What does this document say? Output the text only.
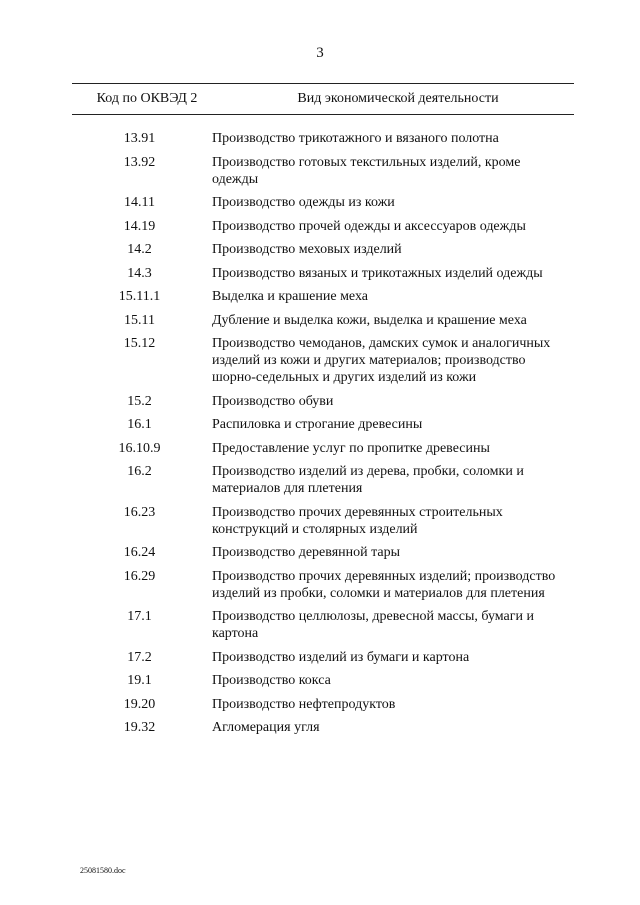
3
Код по ОКВЭД 2	Вид экономической деятельности
13.91	Производство трикотажного и вязаного полотна
13.92	Производство готовых текстильных изделий, кроме одежды
14.11	Производство одежды из кожи
14.19	Производство прочей одежды и аксессуаров одежды
14.2	Производство меховых изделий
14.3	Производство вязаных и трикотажных изделий одежды
15.11.1	Выделка и крашение меха
15.11	Дубление и выделка кожи, выделка и крашение меха
15.12	Производство чемоданов, дамских сумок и аналогичных изделий из кожи и других материалов; производство шорно-седельных и других изделий из кожи
15.2	Производство обуви
16.1	Распиловка и строгание древесины
16.10.9	Предоставление услуг по пропитке древесины
16.2	Производство изделий из дерева, пробки, соломки и материалов для плетения
16.23	Производство прочих деревянных строительных конструкций и столярных изделий
16.24	Производство деревянной тары
16.29	Производство прочих деревянных изделий; производство изделий из пробки, соломки и материалов для плетения
17.1	Производство целлюлозы, древесной массы, бумаги и картона
17.2	Производство изделий из бумаги и картона
19.1	Производство кокса
19.20	Производство нефтепродуктов
19.32	Агломерация угля
25081580.doc
